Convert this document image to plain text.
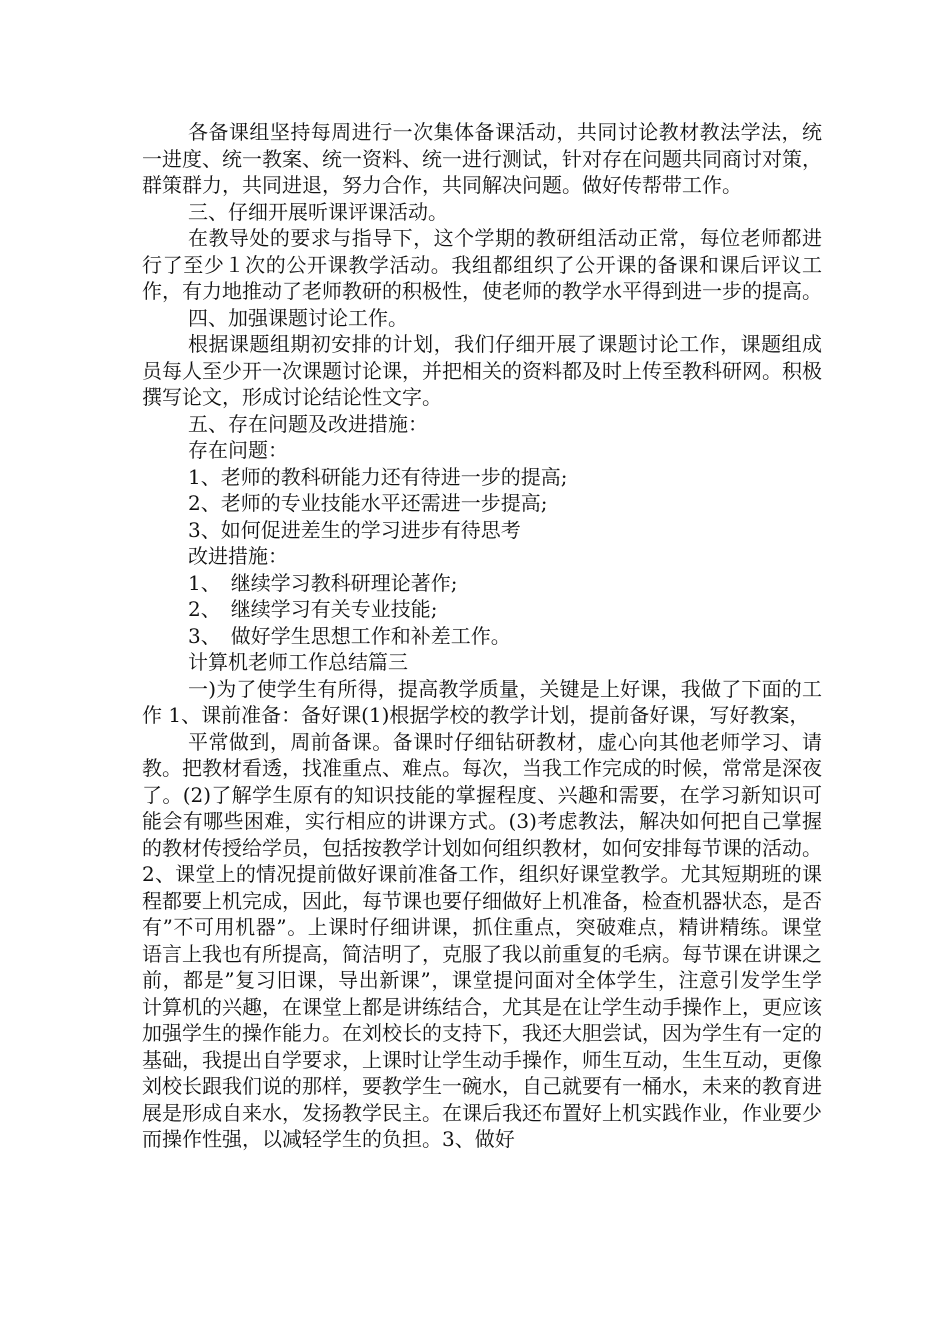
各备课组坚持每周进行一次集体备课活动，共同讨论教材教法学法，统一进度、统一教案、统一资料、统一进行测试，针对存在问题共同商讨对策，群策群力，共同进退，努力合作，共同解决问题。做好传帮带工作。

三、仔细开展听课评课活动。

在教导处的要求与指导下，这个学期的教研组活动正常，每位老师都进行了至少１次的公开课教学活动。我组都组织了公开课的备课和课后评议工作，有力地推动了老师教研的积极性，使老师的教学水平得到进一步的提高。

四、加强课题讨论工作。

根据课题组期初安排的计划，我们仔细开展了课题讨论工作，课题组成员每人至少开一次课题讨论课，并把相关的资料都及时上传至教科研网。积极撰写论文，形成讨论结论性文字。

五、存在问题及改进措施：

存在问题：

1、老师的教科研能力还有待进一步的提高;

2、老师的专业技能水平还需进一步提高;

3、如何促进差生的学习进步有待思考

改进措施：

1、　继续学习教科研理论著作;

2、　继续学习有关专业技能;

3、　做好学生思想工作和补差工作。

计算机老师工作总结篇三

一)为了使学生有所得，提高教学质量，关键是上好课，我做了下面的工作 1、课前准备：备好课(1)根据学校的教学计划，提前备好课，写好教案，

平常做到，周前备课。备课时仔细钻研教材，虚心向其他老师学习、请教。把教材看透，找准重点、难点。每次，当我工作完成的时候，常常是深夜了。(2)了解学生原有的知识技能的掌握程度、兴趣和需要，在学习新知识可能会有哪些困难，实行相应的讲课方式。(3)考虑教法，解决如何把自己掌握的教材传授给学员，包括按教学计划如何组织教材，如何安排每节课的活动。2、课堂上的情况提前做好课前准备工作，组织好课堂教学。尤其短期班的课程都要上机完成，因此，每节课也要仔细做好上机准备，检查机器状态，是否有”不可用机器”。上课时仔细讲课，抓住重点，突破难点，精讲精练。课堂语言上我也有所提高，简洁明了，克服了我以前重复的毛病。每节课在讲课之前，都是”复习旧课，导出新课”，课堂提问面对全体学生，注意引发学生学计算机的兴趣，在课堂上都是讲练结合，尤其是在让学生动手操作上，更应该加强学生的操作能力。在刘校长的支持下，我还大胆尝试，因为学生有一定的基础，我提出自学要求，上课时让学生动手操作，师生互动，生生互动，更像刘校长跟我们说的那样，要教学生一碗水，自己就要有一桶水，未来的教育进展是形成自来水，发扬教学民主。在课后我还布置好上机实践作业，作业要少而操作性强，以减轻学生的负担。3、做好
